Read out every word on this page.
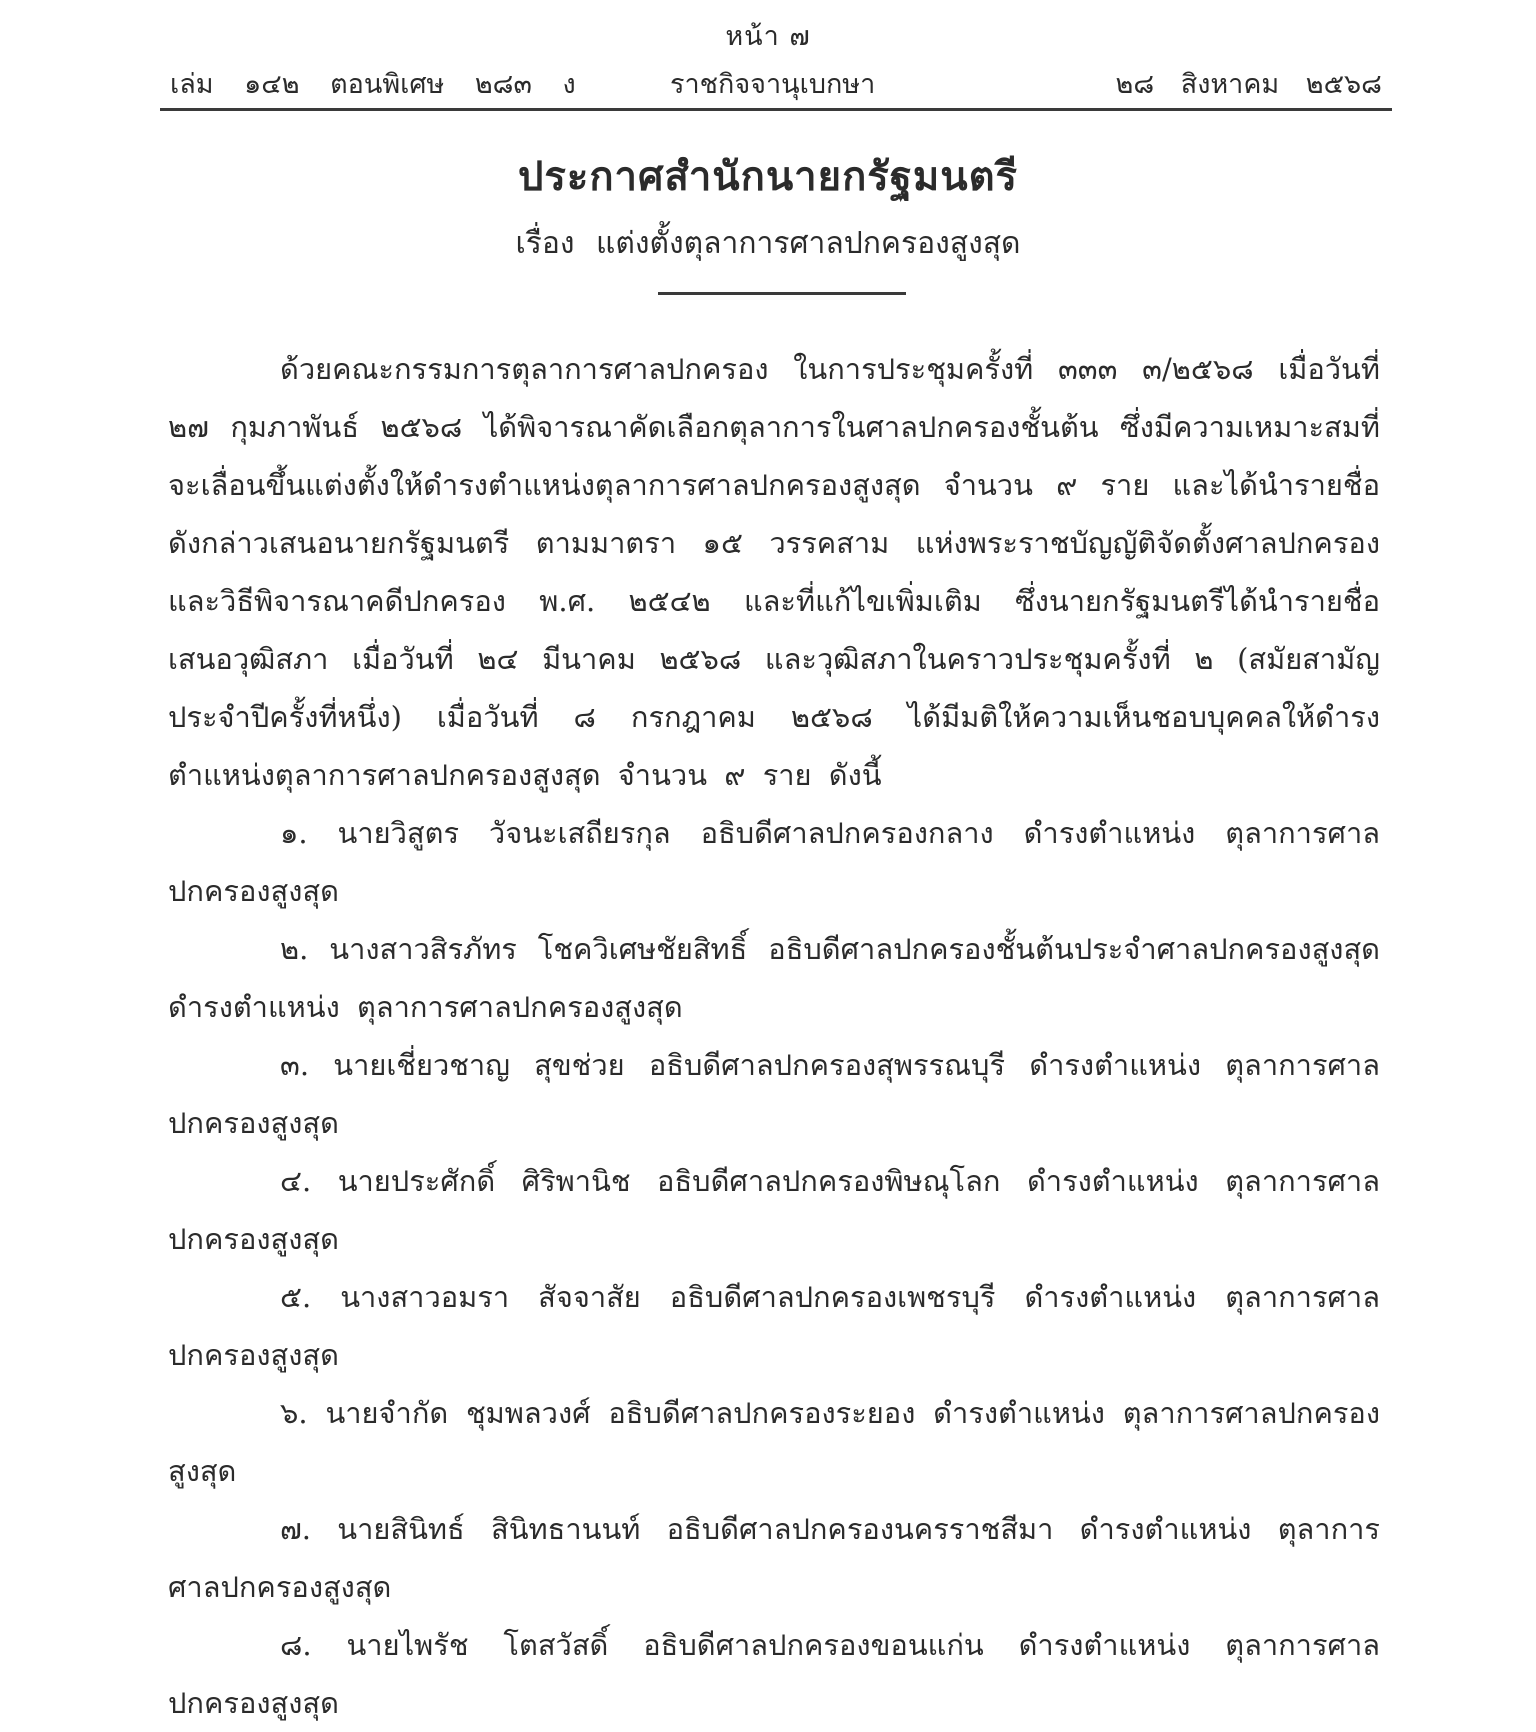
หน้า ๗
เล่ม ๑๔๒ ตอนพิเศษ ๒๘๓ ง	ราชกิจจานุเบกษา	๒๘ สิงหาคม ๒๕๖๘
ประกาศสำนักนายกรัฐมนตรี
เรื่อง แต่งตั้งตุลาการศาลปกครองสูงสุด

ด้วยคณะกรรมการตุลาการศาลปกครอง ในการประชุมครั้งที่ ๓๓๓ ๓/๒๕๖๘ เมื่อวันที่ ๒๗ กุมภาพันธ์ ๒๕๖๘ ได้พิจารณาคัดเลือกตุลาการในศาลปกครองชั้นต้น ซึ่งมีความเหมาะสมที่จะเลื่อนขึ้นแต่งตั้งให้ดำรงตำแหน่งตุลาการศาลปกครองสูงสุด จำนวน ๙ ราย และได้นำรายชื่อดังกล่าวเสนอนายกรัฐมนตรี ตามมาตรา ๑๕ วรรคสาม แห่งพระราชบัญญัติจัดตั้งศาลปกครองและวิธีพิจารณาคดีปกครอง พ.ศ. ๒๕๔๒ และที่แก้ไขเพิ่มเติม ซึ่งนายกรัฐมนตรีได้นำรายชื่อเสนอวุฒิสภา เมื่อวันที่ ๒๔ มีนาคม ๒๕๖๘ และวุฒิสภาในคราวประชุมครั้งที่ ๒ (สมัยสามัญประจำปีครั้งที่หนึ่ง) เมื่อวันที่ ๘ กรกฎาคม ๒๕๖๘ ได้มีมติให้ความเห็นชอบบุคคลให้ดำรงตำแหน่งตุลาการศาลปกครองสูงสุด จำนวน ๙ ราย ดังนี้

๑. นายวิสูตร วัจนะเสถียรกุล อธิบดีศาลปกครองกลาง ดำรงตำแหน่ง ตุลาการศาลปกครองสูงสุด

๒. นางสาวสิรภัทร โชควิเศษชัยสิทธิ์ อธิบดีศาลปกครองชั้นต้นประจำศาลปกครองสูงสุด ดำรงตำแหน่ง ตุลาการศาลปกครองสูงสุด

๓. นายเชี่ยวชาญ สุขช่วย อธิบดีศาลปกครองสุพรรณบุรี ดำรงตำแหน่ง ตุลาการศาลปกครองสูงสุด

๔. นายประศักดิ์ ศิริพานิช อธิบดีศาลปกครองพิษณุโลก ดำรงตำแหน่ง ตุลาการศาลปกครองสูงสุด

๕. นางสาวอมรา สัจจาสัย อธิบดีศาลปกครองเพชรบุรี ดำรงตำแหน่ง ตุลาการศาลปกครองสูงสุด

๖. นายจำกัด ชุมพลวงศ์ อธิบดีศาลปกครองระยอง ดำรงตำแหน่ง ตุลาการศาลปกครองสูงสุด

๗. นายสินิทธ์ สินิทธานนท์ อธิบดีศาลปกครองนครราชสีมา ดำรงตำแหน่ง ตุลาการศาลปกครองสูงสุด

๘. นายไพรัช โตสวัสดิ์ อธิบดีศาลปกครองขอนแก่น ดำรงตำแหน่ง ตุลาการศาลปกครองสูงสุด
